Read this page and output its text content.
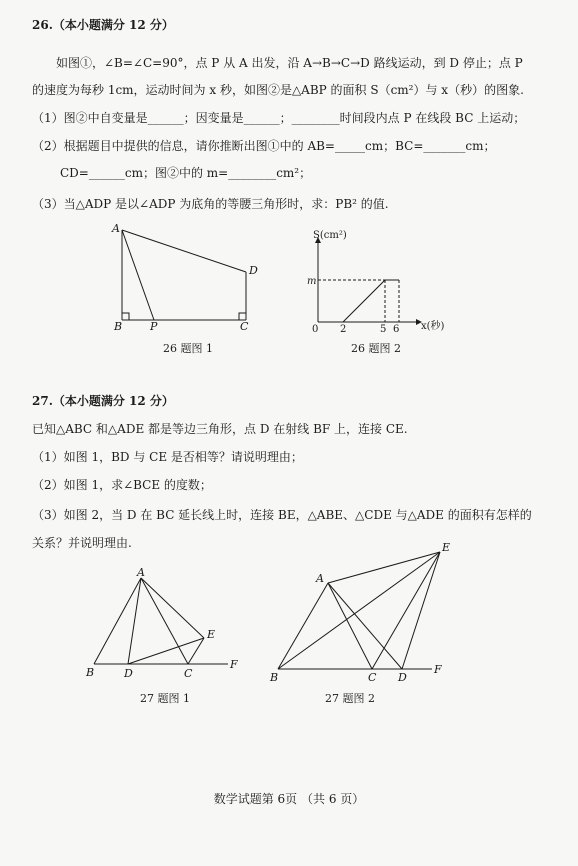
26.（本小题满分 12 分）
如图①，∠B=∠C=90°，点 P 从 A 出发，沿 A→B→C→D 路线运动，到 D 停止；点 P
的速度为每秒 1cm，运动时间为 x 秒，如图②是△ABP 的面积 S（cm²）与 x（秒）的图象.
（1）图②中自变量是______；因变量是______；________时间段内点 P 在线段 BC 上运动；
（2）根据题目中提供的信息，请你推断出图①中的 AB=_____cm；BC=_______cm；
CD=______cm；图②中的 m=________cm²；
（3）当△ADP 是以∠ADP 为底角的等腰三角形时，求：PB² 的值.
A
B	P	C
D
26 题图 1
S(cm²)
x(秒)
m
0 2	5 6
26 题图 2
27.（本小题满分 12 分）
已知△ABC 和△ADE 都是等边三角形，点 D 在射线 BF 上，连接 CE.
（1）如图 1，BD 与 CE 是否相等？请说明理由；
（2）如图 1，求∠BCE 的度数；
（3）如图 2，当 D 在 BC 延长线上时，连接 BE，△ABE、△CDE 与△ADE 的面积有怎样的
关系？并说明理由.
A
B	D	C
E
F
27 题图 1
A
B	C D
E
F
27 题图 2
数学试题第 6页 （共 6 页）
